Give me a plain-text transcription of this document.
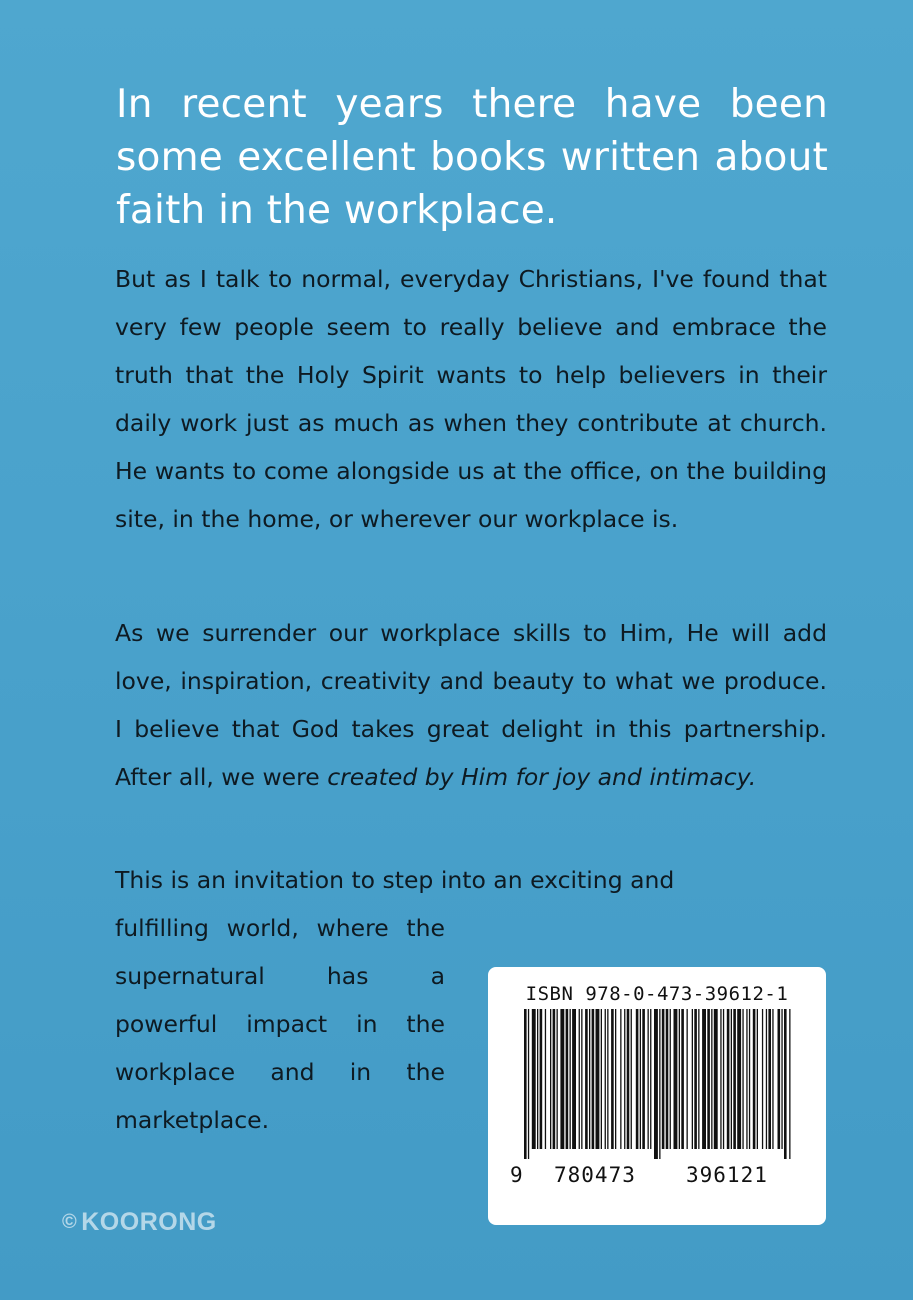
In recent years there have been some excellent books written about faith in the workplace.
But as I talk to normal, everyday Christians, I've found that very few people seem to really believe and embrace the truth that the Holy Spirit wants to help believers in their daily work just as much as when they contribute at church. He wants to come alongside us at the office, on the building site, in the home, or wherever our workplace is.
As we surrender our workplace skills to Him, He will add love, inspiration, creativity and beauty to what we produce. I believe that God takes great delight in this partnership. After all, we were created by Him for joy and intimacy.
This is an invitation to step into an exciting and
fulfilling world, where the supernatural has a powerful impact in the workplace and in the marketplace.
ISBN 978-0-473-39612-1
9 780473 396121
© KOORONG
